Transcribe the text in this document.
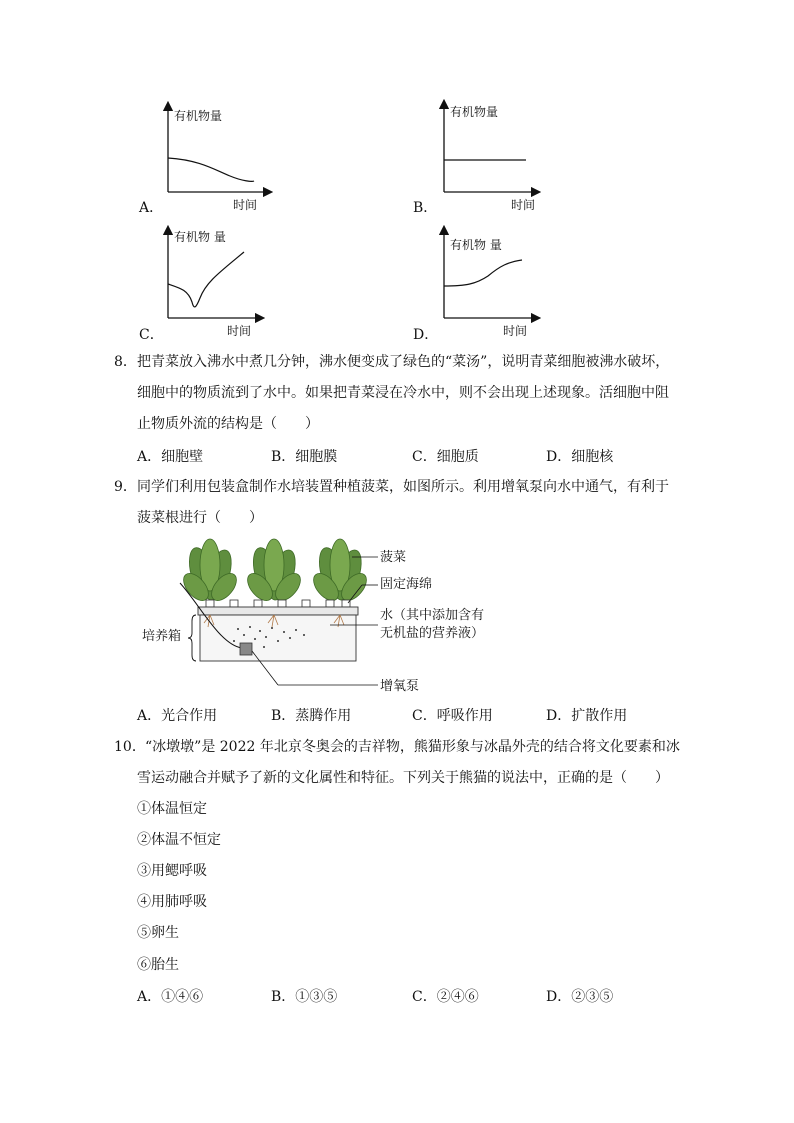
有机物量
时间
A．
有机物量
时间
B．
有机物 量
时间
C．
有机物 量
时间
D．
8． 把青菜放入沸水中煮几分钟，沸水便变成了绿色的“菜汤”，说明青菜细胞被沸水破坏，
细胞中的物质流到了水中。如果把青菜浸在冷水中，则不会出现上述现象。活细胞中阻
止物质外流的结构是（　　）
A．细胞壁	B．细胞膜	C．细胞质	D．细胞核
9． 同学们利用包装盒制作水培装置种植菠菜，如图所示。利用增氧泵向水中通气，有利于
菠菜根进行（　　）
菠菜
固定海绵
水（其中添加含有
无机盐的营养液）
培养箱
增氧泵
A．光合作用	B．蒸腾作用	C．呼吸作用	D．扩散作用
10． “冰墩墩”是 2022 年北京冬奥会的吉祥物，熊猫形象与冰晶外壳的结合将文化要素和冰
雪运动融合并赋予了新的文化属性和特征。下列关于熊猫的说法中，正确的是（　　）
①体温恒定
②体温不恒定
③用鳃呼吸
④用肺呼吸
⑤卵生
⑥胎生
A．①④⑥	B．①③⑤	C．②④⑥	D．②③⑤
